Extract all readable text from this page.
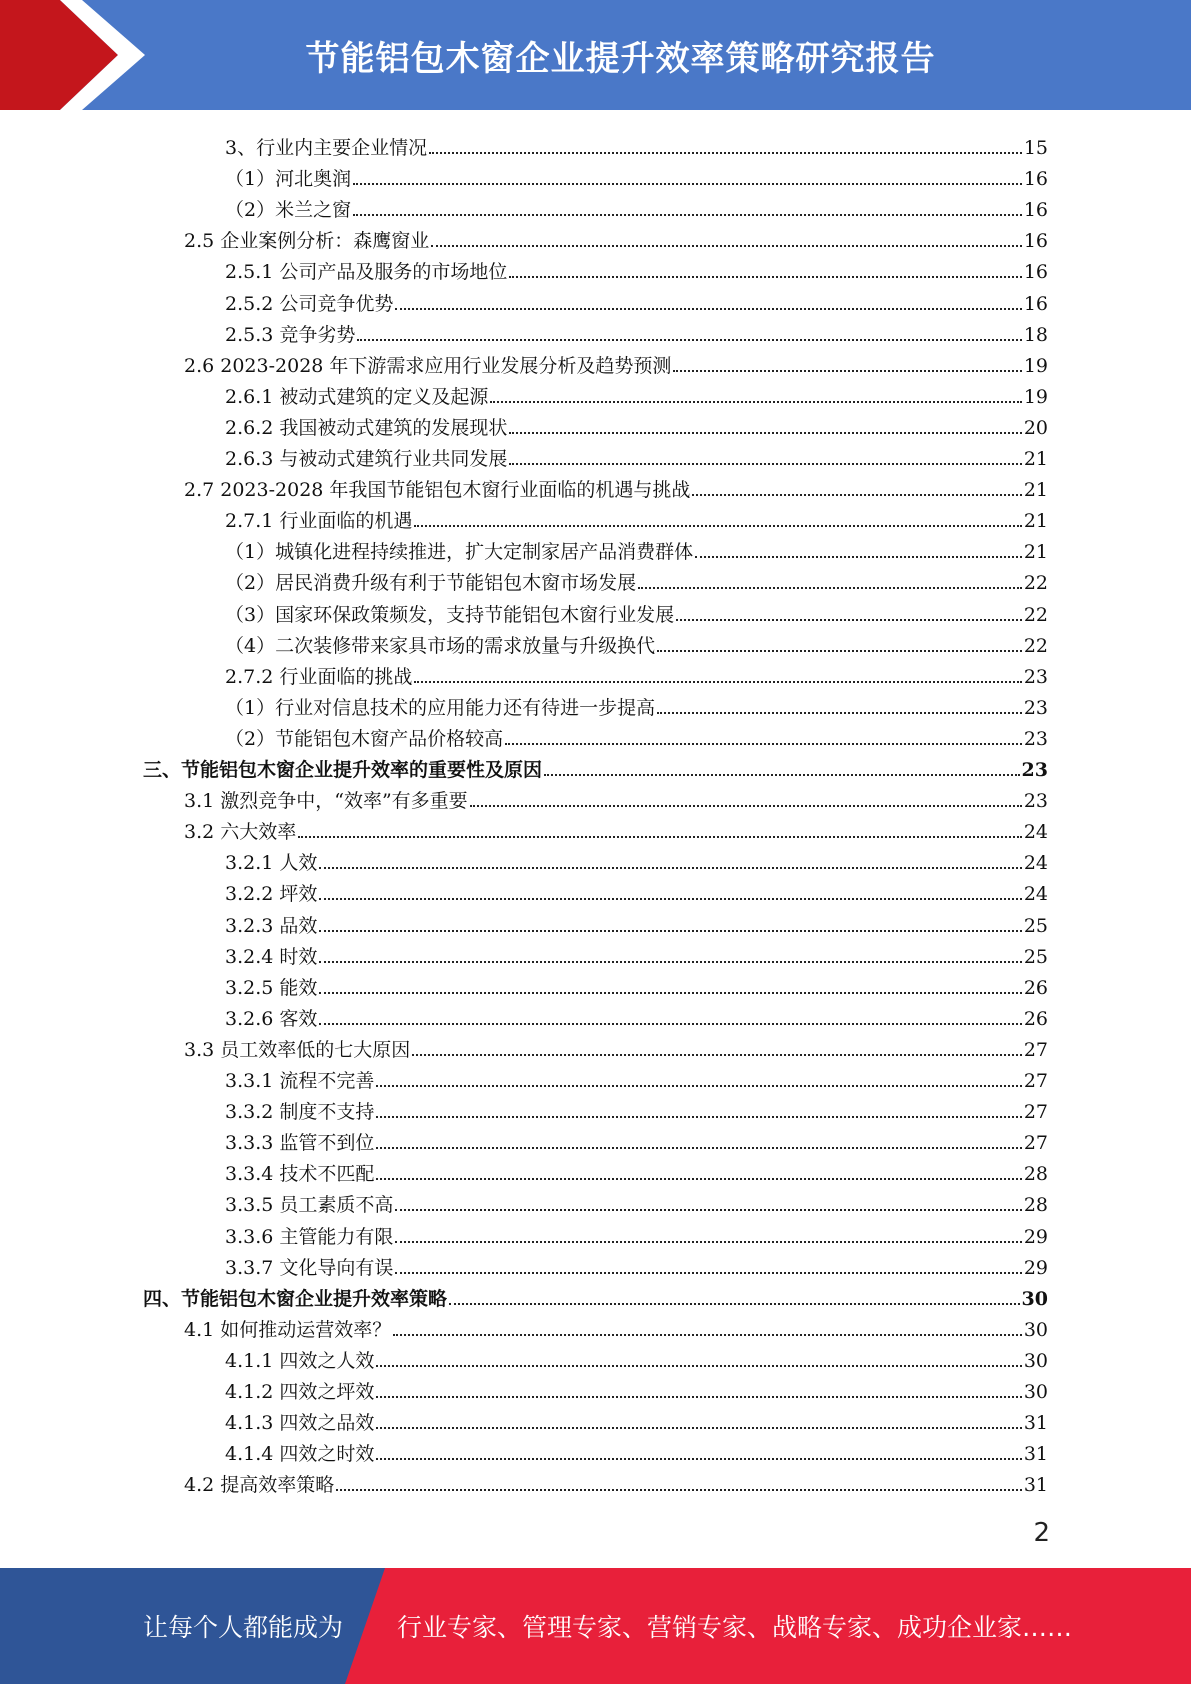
节能铝包木窗企业提升效率策略研究报告
3、行业内主要企业情况	15
（1）河北奥润	16
（2）米兰之窗	16
2.5 企业案例分析：森鹰窗业	16
2.5.1 公司产品及服务的市场地位	16
2.5.2 公司竞争优势	16
2.5.3 竞争劣势	18
2.6 2023-2028 年下游需求应用行业发展分析及趋势预测	19
2.6.1 被动式建筑的定义及起源	19
2.6.2 我国被动式建筑的发展现状	20
2.6.3 与被动式建筑行业共同发展	21
2.7 2023-2028 年我国节能铝包木窗行业面临的机遇与挑战	21
2.7.1 行业面临的机遇	21
（1）城镇化进程持续推进，扩大定制家居产品消费群体	21
（2）居民消费升级有利于节能铝包木窗市场发展	22
（3）国家环保政策频发，支持节能铝包木窗行业发展	22
（4）二次装修带来家具市场的需求放量与升级换代	22
2.7.2 行业面临的挑战	23
（1）行业对信息技术的应用能力还有待进一步提高	23
（2）节能铝包木窗产品价格较高	23
三、节能铝包木窗企业提升效率的重要性及原因	23
3.1 激烈竞争中，“效率”有多重要	23
3.2 六大效率	24
3.2.1 人效	24
3.2.2 坪效	24
3.2.3 品效	25
3.2.4 时效	25
3.2.5 能效	26
3.2.6 客效	26
3.3 员工效率低的七大原因	27
3.3.1 流程不完善	27
3.3.2 制度不支持	27
3.3.3 监管不到位	27
3.3.4 技术不匹配	28
3.3.5 员工素质不高	28
3.3.6 主管能力有限	29
3.3.7 文化导向有误	29
四、节能铝包木窗企业提升效率策略	30
4.1 如何推动运营效率？	30
4.1.1 四效之人效	30
4.1.2 四效之坪效	30
4.1.3 四效之品效	31
4.1.4 四效之时效	31
4.2 提高效率策略	31
2
让每个人都能成为 行业专家、管理专家、营销专家、战略专家、成功企业家……
